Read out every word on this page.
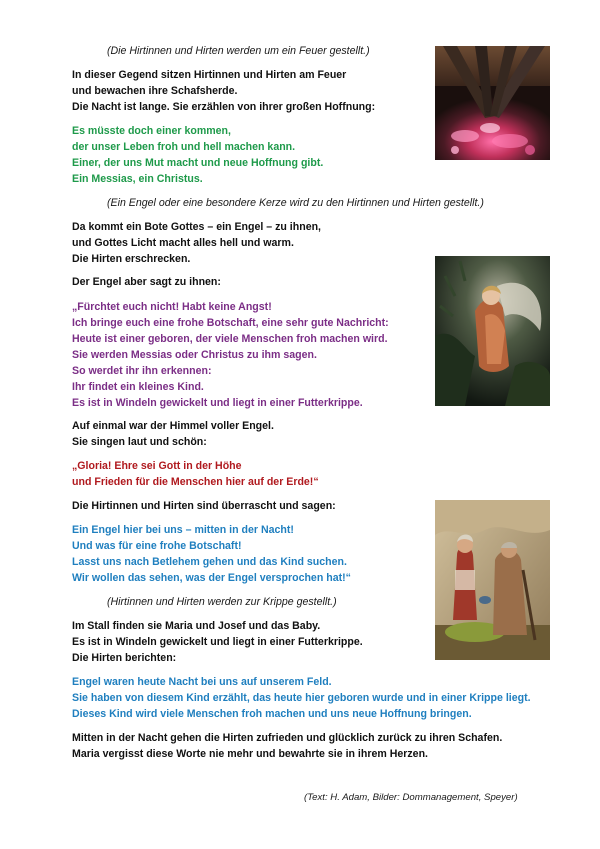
(Die Hirtinnen und Hirten werden um ein Feuer gestellt.)
In dieser Gegend sitzen Hirtinnen und Hirten am Feuer
und bewachen ihre Schafsherde.
Die Nacht ist lange. Sie erzählen von ihrer großen Hoffnung:
Es müsste doch einer kommen,
der unser Leben froh und hell machen kann.
Einer, der uns Mut macht und neue Hoffnung gibt.
Ein Messias, ein Christus.
(Ein Engel oder eine besondere Kerze wird zu den Hirtinnen und Hirten gestellt.)
Da kommt ein Bote Gottes – ein Engel – zu ihnen,
und Gottes Licht macht alles hell und warm.
Die Hirten erschrecken.
Der Engel aber sagt zu ihnen:
„Fürchtet euch nicht! Habt keine Angst!
Ich bringe euch eine frohe Botschaft, eine sehr gute Nachricht:
Heute ist einer geboren, der viele Menschen froh machen wird.
Sie werden Messias oder Christus zu ihm sagen.
So werdet ihr ihn erkennen:
Ihr findet ein kleines Kind.
Es ist in Windeln gewickelt und liegt in einer Futterkrippe.
Auf einmal war der Himmel voller Engel.
Sie singen laut und schön:
„Gloria! Ehre sei Gott in der Höhe
und Frieden für die Menschen hier auf der Erde!“
Die Hirtinnen und Hirten sind überrascht und sagen:
Ein Engel hier bei uns – mitten in der Nacht!
Und was für eine frohe Botschaft!
Lasst uns nach Betlehem gehen und das Kind suchen.
Wir wollen das sehen, was der Engel versprochen hat!“
(Hirtinnen und Hirten werden zur Krippe gestellt.)
Im Stall finden sie Maria und Josef und das Baby.
Es ist in Windeln gewickelt und liegt in einer Futterkrippe.
Die Hirten berichten:
Engel waren heute Nacht bei uns auf unserem Feld.
Sie haben von diesem Kind erzählt, das heute hier geboren wurde und in einer Krippe liegt.
Dieses Kind wird viele Menschen froh machen und uns neue Hoffnung bringen.
Mitten in der Nacht gehen die Hirten zufrieden und glücklich zurück zu ihren Schafen.
Maria vergisst diese Worte nie mehr und bewahrte sie in ihrem Herzen.
(Text: H. Adam, Bilder: Dommanagement, Speyer)
